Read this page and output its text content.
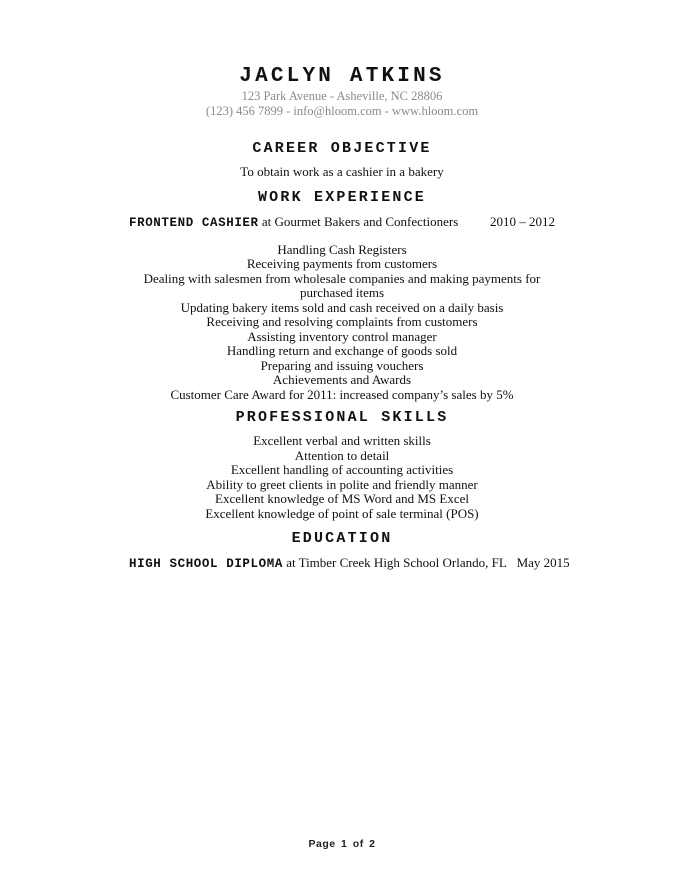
JACLYN ATKINS
123 Park Avenue - Asheville, NC 28806
(123) 456 7899 - info@hloom.com - www.hloom.com
CAREER OBJECTIVE
To obtain work as a cashier in a bakery
WORK EXPERIENCE
FRONTEND CASHIER at Gourmet Bakers and Confectioners 2010 – 2012
Handling Cash Registers
Receiving payments from customers
Dealing with salesmen from wholesale companies and making payments for
purchased items
Updating bakery items sold and cash received on a daily basis
Receiving and resolving complaints from customers
Assisting inventory control manager
Handling return and exchange of goods sold
Preparing and issuing vouchers
Achievements and Awards
Customer Care Award for 2011: increased company’s sales by 5%
PROFESSIONAL SKILLS
Excellent verbal and written skills
Attention to detail
Excellent handling of accounting activities
Ability to greet clients in polite and friendly manner
Excellent knowledge of MS Word and MS Excel
Excellent knowledge of point of sale terminal (POS)
EDUCATION
HIGH SCHOOL DIPLOMA at Timber Creek High School Orlando, FL May 2015
Page 1 of 2
